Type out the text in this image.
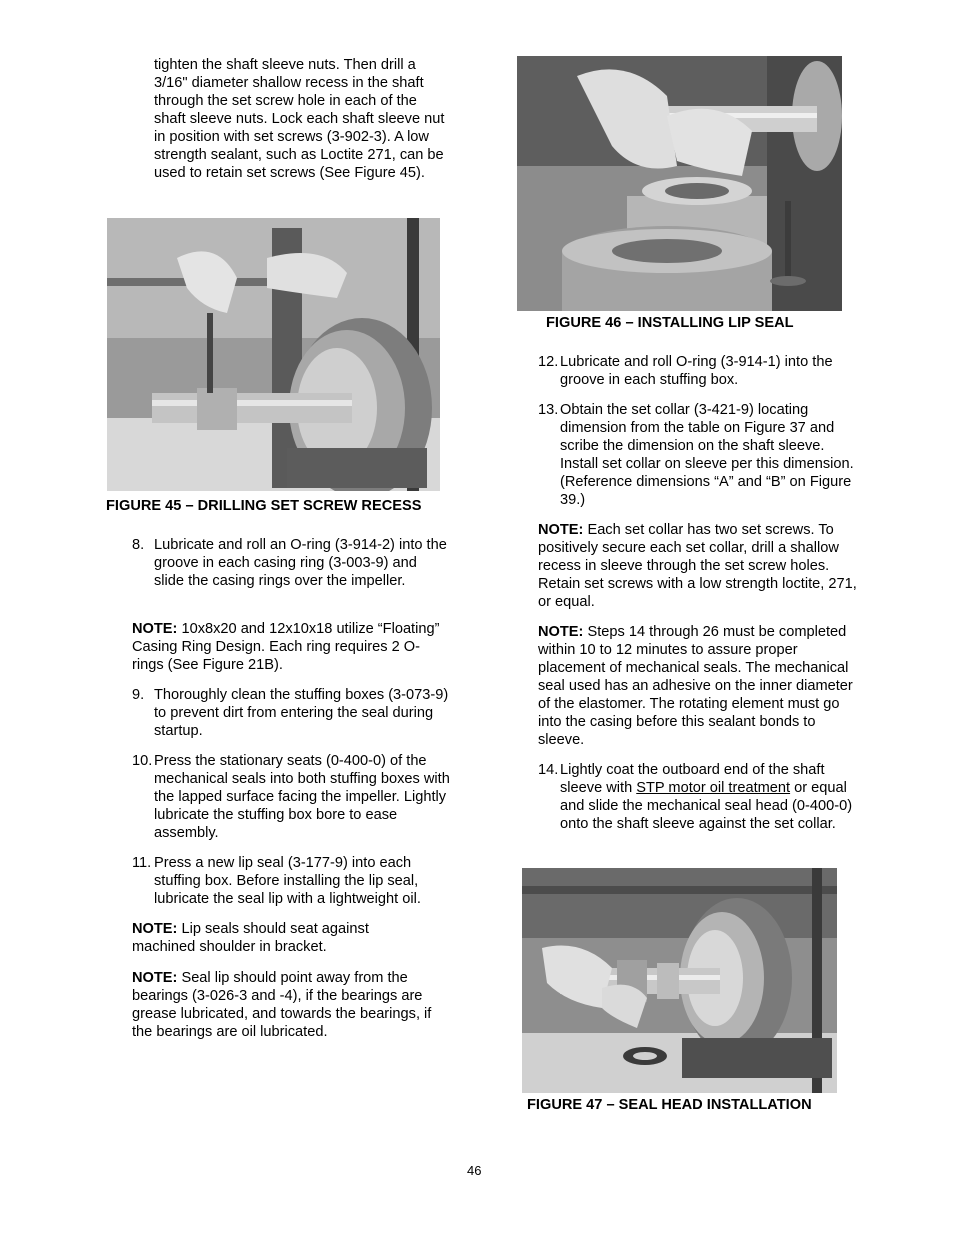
tighten the shaft sleeve nuts. Then drill a 3/16" diameter shallow recess in the shaft through the set screw hole in each of the shaft sleeve nuts. Lock each shaft sleeve nut in position with set screws (3-902-3). A low strength sealant, such as Loctite 271, can be used to retain set screws (See Figure 45).

FIGURE 45 – DRILLING SET SCREW RECESS
8. Lubricate and roll an O-ring (3-914-2) into the groove in each casing ring (3-003-9) and slide the casing rings over the impeller.

NOTE: 10x8x20 and 12x10x18 utilize “Floating” Casing Ring Design. Each ring requires 2 O-rings (See Figure 21B).

9. Thoroughly clean the stuffing boxes (3-073-9) to prevent dirt from entering the seal during startup.
10. Press the stationary seats (0-400-0) of the mechanical seals into both stuffing boxes with the lapped surface facing the impeller. Lightly lubricate the stuffing box bore to ease assembly.
11. Press a new lip seal (3-177-9) into each stuffing box. Before installing the lip seal, lubricate the seal lip with a lightweight oil.

NOTE: Lip seals should seat against machined shoulder in bracket.

NOTE: Seal lip should point away from the bearings (3-026-3 and -4), if the bearings are grease lubricated, and towards the bearings, if the bearings are oil lubricated.

FIGURE 46 – INSTALLING LIP SEAL
12. Lubricate and roll O-ring (3-914-1) into the groove in each stuffing box.
13. Obtain the set collar (3-421-9) locating dimension from the table on Figure 37 and scribe the dimension on the shaft sleeve. Install set collar on sleeve per this dimension. (Reference dimensions “A” and “B” on Figure 39.)

NOTE: Each set collar has two set screws. To positively secure each set collar, drill a shallow recess in sleeve through the set screw holes. Retain set screws with a low strength loctite, 271, or equal.

NOTE: Steps 14 through 26 must be completed within 10 to 12 minutes to assure proper placement of mechanical seals. The mechanical seal used has an adhesive on the inner diameter of the elastomer. The rotating element must go into the casing before this sealant bonds to sleeve.

14. Lightly coat the outboard end of the shaft sleeve with STP motor oil treatment or equal and slide the mechanical seal head (0-400-0) onto the shaft sleeve against the set collar.
FIGURE 47 – SEAL HEAD INSTALLATION
46
